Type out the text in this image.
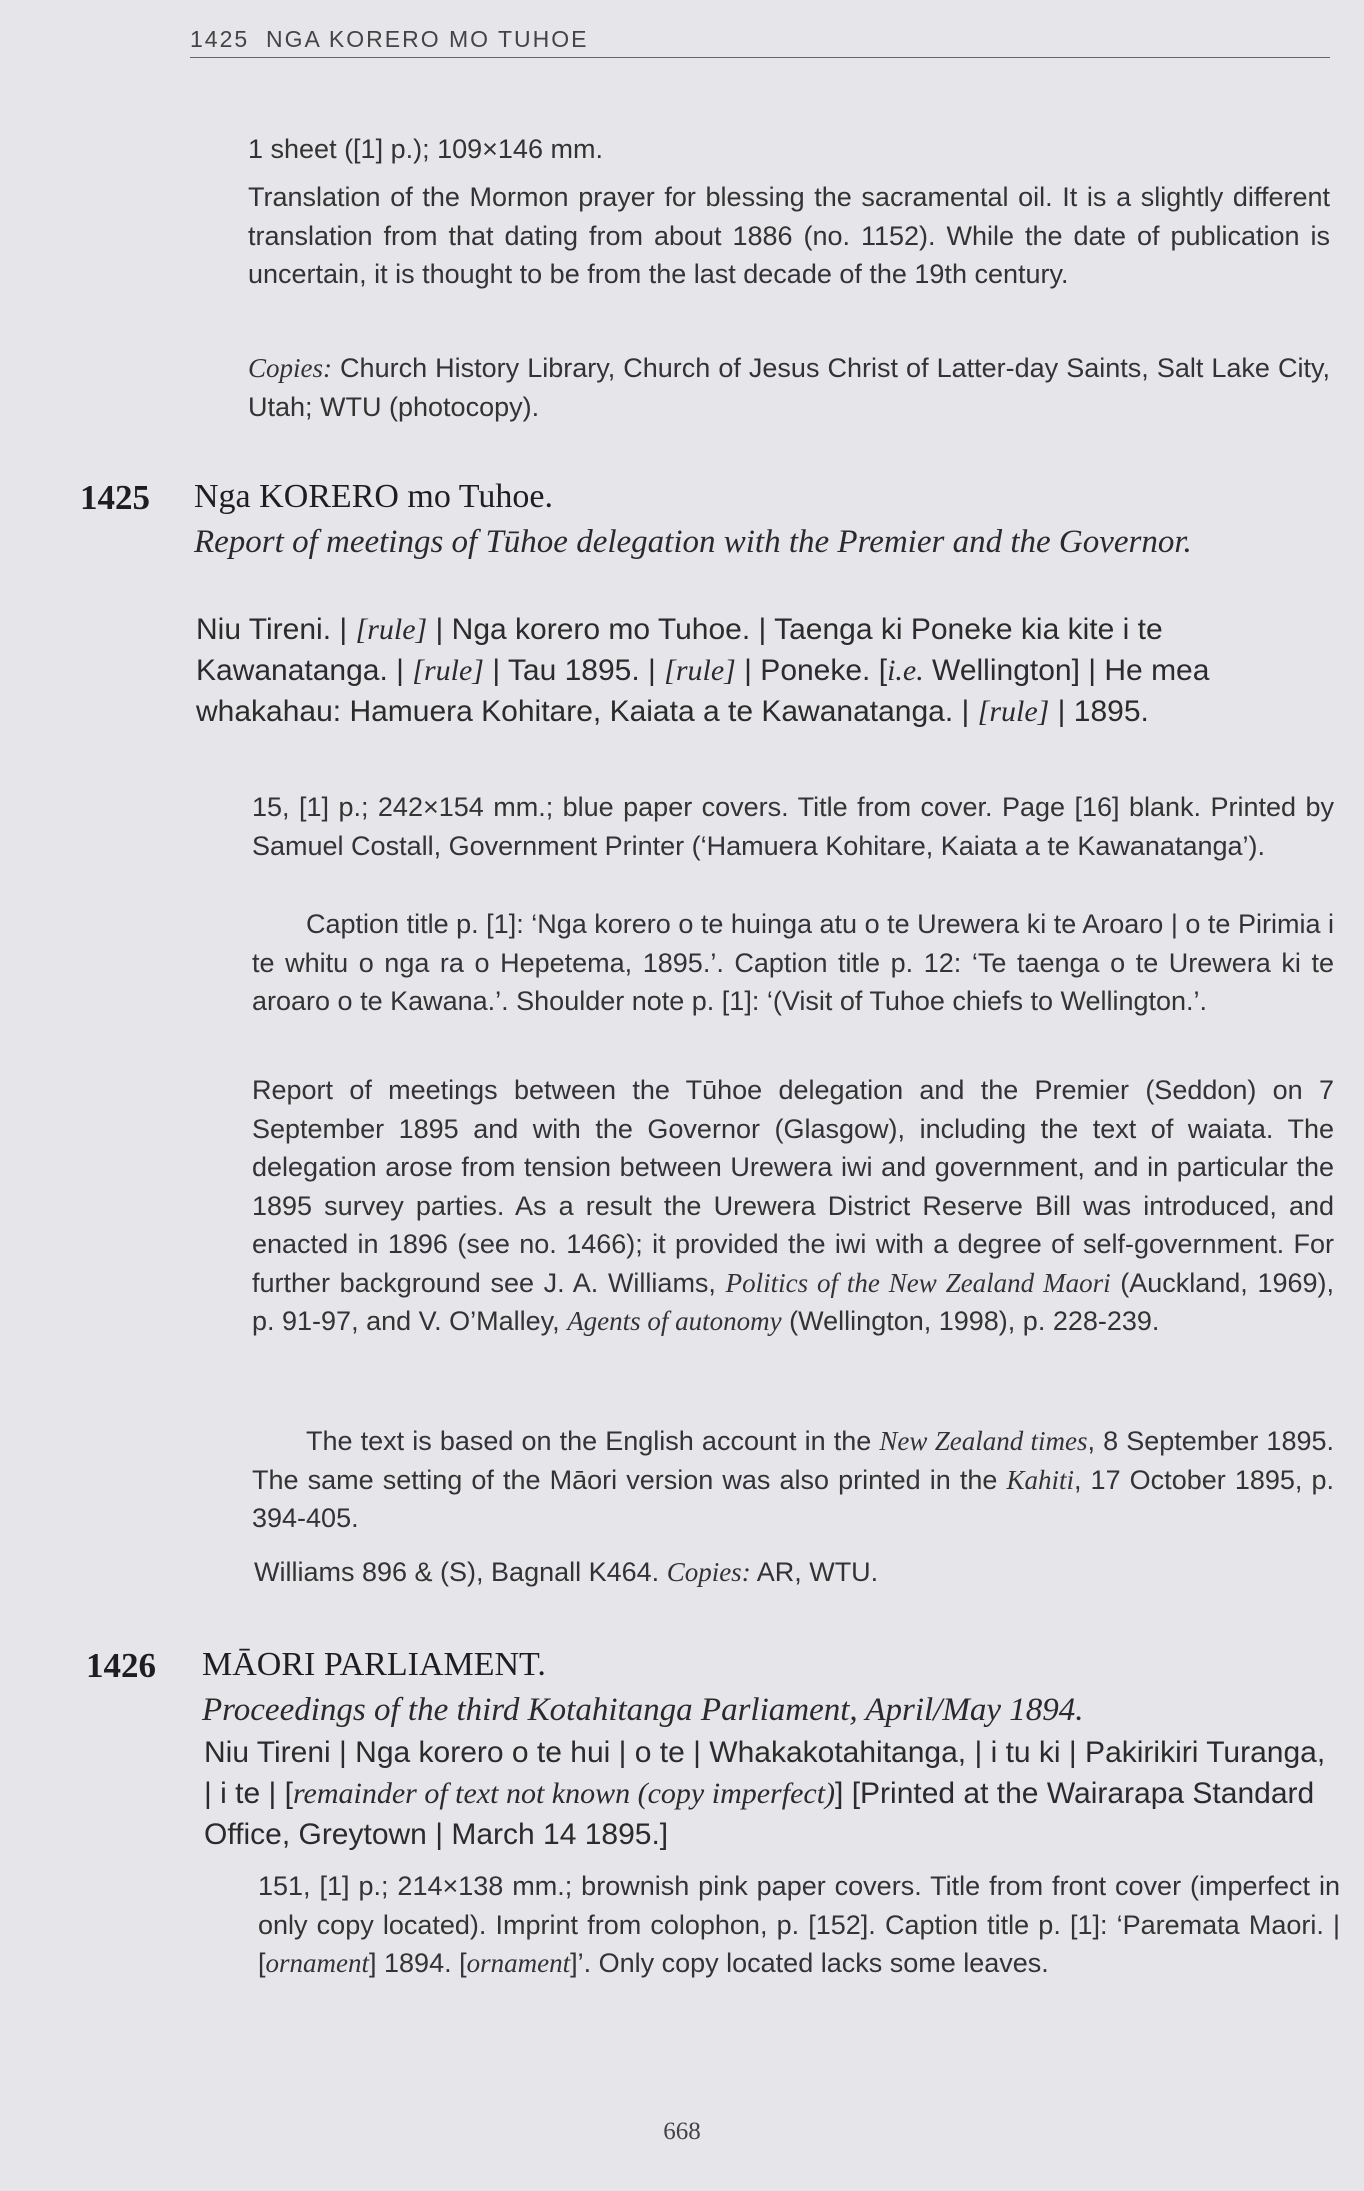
1425 NGA KORERO MO TUHOE

1 sheet ([1] p.); 109×146 mm.

Translation of the Mormon prayer for blessing the sacramental oil. It is a slightly different translation from that dating from about 1886 (no. 1152). While the date of publication is uncertain, it is thought to be from the last decade of the 19th century.

Copies: Church History Library, Church of Jesus Christ of Latter-day Saints, Salt Lake City, Utah; WTU (photocopy).

1425 Nga KORERO mo Tuhoe.
Report of meetings of Tūhoe delegation with the Premier and the Governor.

Niu Tireni. | [rule] | Nga korero mo Tuhoe. | Taenga ki Poneke kia kite i te Kawanatanga. | [rule] | Tau 1895. | [rule] | Poneke. [i.e. Wellington] | He mea whakahau: Hamuera Kohitare, Kaiata a te Kawanatanga. | [rule] | 1895.

15, [1] p.; 242×154 mm.; blue paper covers. Title from cover. Page [16] blank. Printed by Samuel Costall, Government Printer (‘Hamuera Kohitare, Kaiata a te Kawanatanga’).

Caption title p. [1]: ‘Nga korero o te huinga atu o te Urewera ki te Aroaro | o te Pirimia i te whitu o nga ra o Hepetema, 1895.’. Caption title p. 12: ‘Te taenga o te Urewera ki te aroaro o te Kawana.’. Shoulder note p. [1]: ‘(Visit of Tuhoe chiefs to Wellington.’.

Report of meetings between the Tūhoe delegation and the Premier (Seddon) on 7 September 1895 and with the Governor (Glasgow), including the text of waiata. The delegation arose from tension between Urewera iwi and government, and in particular the 1895 survey parties. As a result the Urewera District Reserve Bill was introduced, and enacted in 1896 (see no. 1466); it provided the iwi with a degree of self-government. For further background see J. A. Williams, Politics of the New Zealand Maori (Auckland, 1969), p. 91-97, and V. O’Malley, Agents of autonomy (Wellington, 1998), p. 228-239.

The text is based on the English account in the New Zealand times, 8 September 1895. The same setting of the Māori version was also printed in the Kahiti, 17 October 1895, p. 394-405.

Williams 896 & (S), Bagnall K464. Copies: AR, WTU.

1426 MĀORI PARLIAMENT.
Proceedings of the third Kotahitanga Parliament, April/May 1894.

Niu Tireni | Nga korero o te hui | o te | Whakakotahitanga, | i tu ki | Pakirikiri Turanga, | i te | [remainder of text not known (copy imperfect)] [Printed at the Wairarapa Standard Office, Greytown | March 14 1895.]

151, [1] p.; 214×138 mm.; brownish pink paper covers. Title from front cover (imperfect in only copy located). Imprint from colophon, p. [152]. Caption title p. [1]: ‘Paremata Maori. | [ornament] 1894. [ornament]’. Only copy located lacks some leaves.

668
